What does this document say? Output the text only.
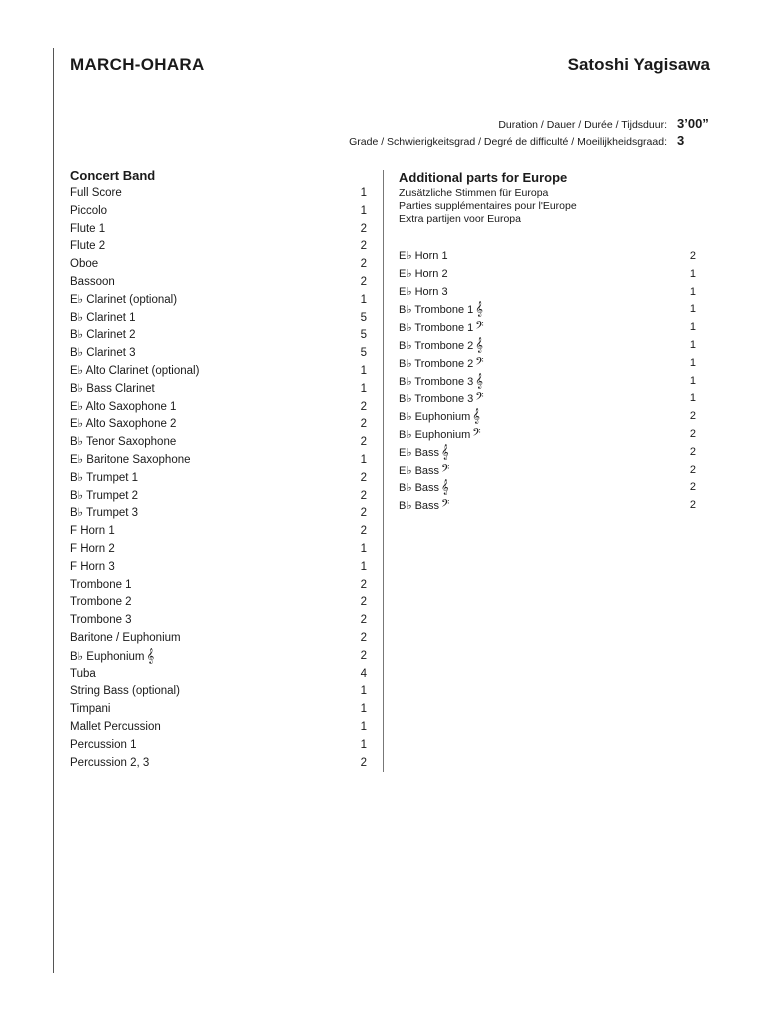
MARCH-OHARA	Satoshi Yagisawa
Duration / Dauer / Durée / Tijdsduur: 3’00”
Grade / Schwierigkeitsgrad / Degré de difficulté / Moeilijkheidsgraad: 3
Concert Band
Full Score	1
Piccolo	1
Flute 1	2
Flute 2	2
Oboe	2
Bassoon	2
E♭ Clarinet (optional)	1
B♭ Clarinet 1	5
B♭ Clarinet 2	5
B♭ Clarinet 3	5
E♭ Alto Clarinet (optional)	1
B♭ Bass Clarinet	1
E♭ Alto Saxophone 1	2
E♭ Alto Saxophone 2	2
B♭ Tenor Saxophone	2
E♭ Baritone Saxophone	1
B♭ Trumpet 1	2
B♭ Trumpet 2	2
B♭ Trumpet 3	2
F Horn 1	2
F Horn 2	1
F Horn 3	1
Trombone 1	2
Trombone 2	2
Trombone 3	2
Baritone / Euphonium	2
B♭ Euphonium 𝄞	2
Tuba	4
String Bass (optional)	1
Timpani	1
Mallet Percussion	1
Percussion 1	1
Percussion 2, 3	2
Additional parts for Europe
Zusätzliche Stimmen für Europa
Parties supplémentaires pour l'Europe
Extra partijen voor Europa
E♭ Horn 1	2
E♭ Horn 2	1
E♭ Horn 3	1
B♭ Trombone 1 𝄞	1
B♭ Trombone 1 𝄢	1
B♭ Trombone 2 𝄞	1
B♭ Trombone 2 𝄢	1
B♭ Trombone 3 𝄞	1
B♭ Trombone 3 𝄢	1
B♭ Euphonium 𝄞	2
B♭ Euphonium 𝄢	2
E♭ Bass 𝄞	2
E♭ Bass 𝄢	2
B♭ Bass 𝄞	2
B♭ Bass 𝄢	2
